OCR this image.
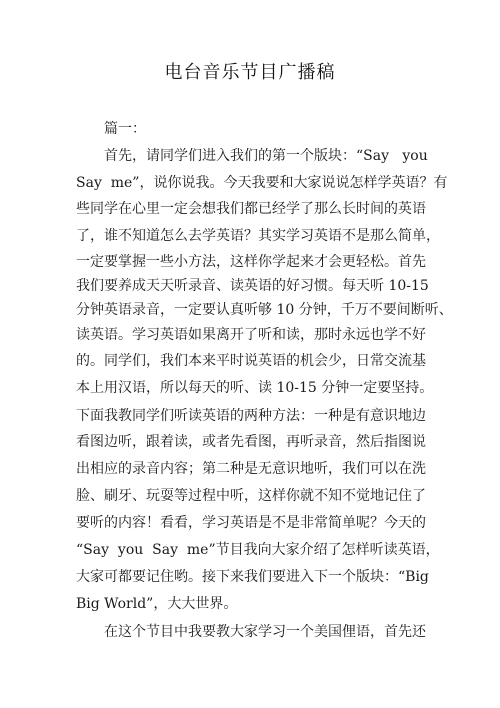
电台音乐节目广播稿
篇一：
首先，请同学们进入我们的第一个版块：“Say   you
Say  me”，说你说我。今天我要和大家说说怎样学英语？有
些同学在心里一定会想我们都已经学了那么长时间的英语
了，谁不知道怎么去学英语？其实学习英语不是那么简单，
一定要掌握一些小方法，这样你学起来才会更轻松。首先
我们要养成天天听录音、读英语的好习惯。每天听 10-15
分钟英语录音，一定要认真听够 10 分钟，千万不要间断听、
读英语。学习英语如果离开了听和读，那时永远也学不好
的。同学们，我们本来平时说英语的机会少，日常交流基
本上用汉语，所以每天的听、读 10-15 分钟一定要坚持。
下面我教同学们听读英语的两种方法：一种是有意识地边
看图边听，跟着读，或者先看图，再听录音，然后指图说
出相应的录音内容；第二种是无意识地听，我们可以在洗
脸、刷牙、玩耍等过程中听，这样你就不知不觉地记住了
要听的内容！看看，学习英语是不是非常简单呢？今天的
“Say  you  Say  me”节目我向大家介绍了怎样听读英语，
大家可都要记住哟。接下来我们要进入下一个版块：“Big
Big World”，大大世界。
在这个节目中我要教大家学习一个美国俚语，首先还
